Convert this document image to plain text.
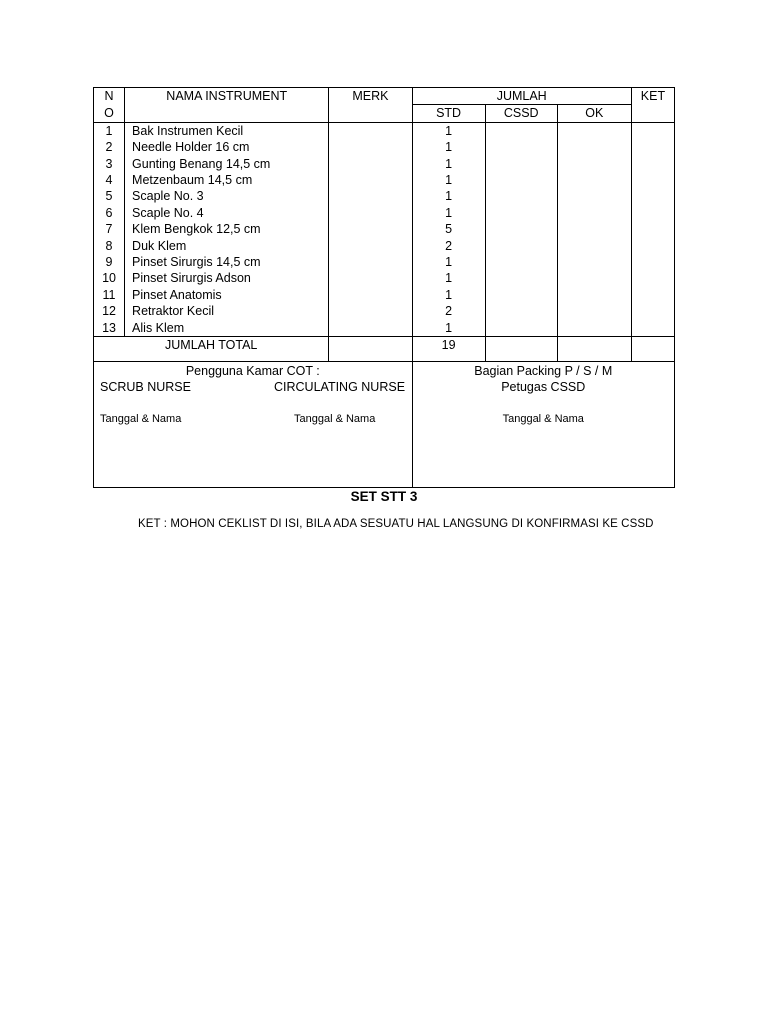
N	NAMA INSTRUMENT	MERK	JUMLAH			KET
O			STD	CSSD	OK	
1	Bak Instrumen Kecil		1			
2	Needle Holder 16 cm		1			
3	Gunting Benang 14,5 cm		1			
4	Metzenbaum 14,5 cm		1			
5	Scaple No. 3		1			
6	Scaple No. 4		1			
7	Klem Bengkok 12,5 cm		5			
8	Duk Klem		2			
9	Pinset Sirurgis 14,5 cm		1			
10	Pinset Sirurgis Adson		1			
11	Pinset Anatomis		1			
12	Retraktor Kecil		2			
13	Alis Klem		1			
JUMLAH TOTAL			19			

Pengguna Kamar COT :
SCRUB NURSE CIRCULATING NURSE
Tanggal & Nama Tanggal & Nama			Bagian Packing P / S / M
Petugas CSSD
Tanggal & Nama			
SET STT 3
KET : MOHON CEKLIST DI ISI, BILA ADA SESUATU HAL LANGSUNG DI KONFIRMASI KE CSSD
